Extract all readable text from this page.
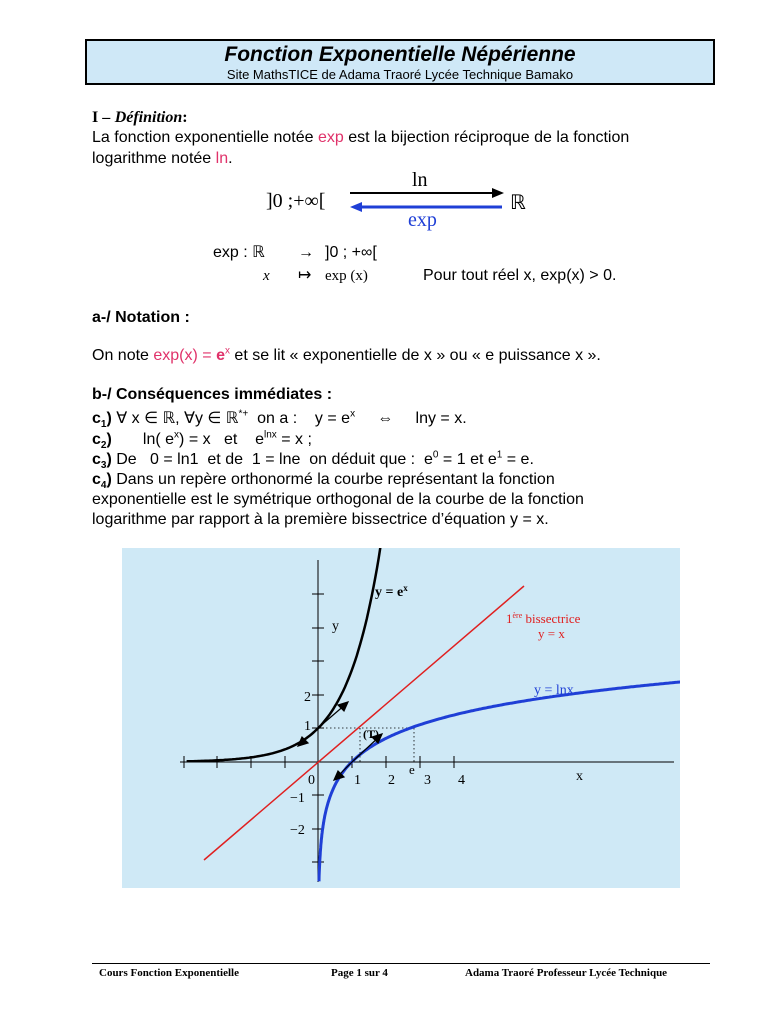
Fonction Exponentielle Népérienne
Site MathsTICE de Adama Traoré Lycée Technique Bamako
I – Définition:
La fonction exponentielle notée exp est la bijection réciproque de la fonction
logarithme notée ln.
]0 ;+∞[	ℝ
ln
exp
exp : ℝ → ]0 ; +∞[
x ↦ exp (x)	Pour tout réel x, exp(x) > 0.
a-/ Notation :
On note $\exp(x) = e^x$ et se lit « exponentielle de x » ou « e puissance x ».
b-/ Conséquences immédiates :
$c_1$) ∀ x ∈ ℝ, ∀y ∈ ℝ*+ on a : $y = e^x$ ⇔ lny = x.
$c_2$) ln( $e^x) = x$   et    $e^{lnx} = x$ ;
$c_3$) De   0 = ln1  et de  1 = lne  on déduit que :  $e^0 = 1$ et $e^1 = e$.
$c_4$) Dans un repère orthonormé la courbe représentant la fonction
exponentielle est le symétrique orthogonal de la courbe de la fonction
logarithme par rapport à la première bissectrice d’équation y = x.
$y = e^x$
1ère bissectrice
y = x
y = lnx
(T)
y
x
0	1 2 3 4
e
2
1
−1
−2
Cours Fonction Exponentielle	Page 1 sur 4	Adama Traoré Professeur Lycée Technique
